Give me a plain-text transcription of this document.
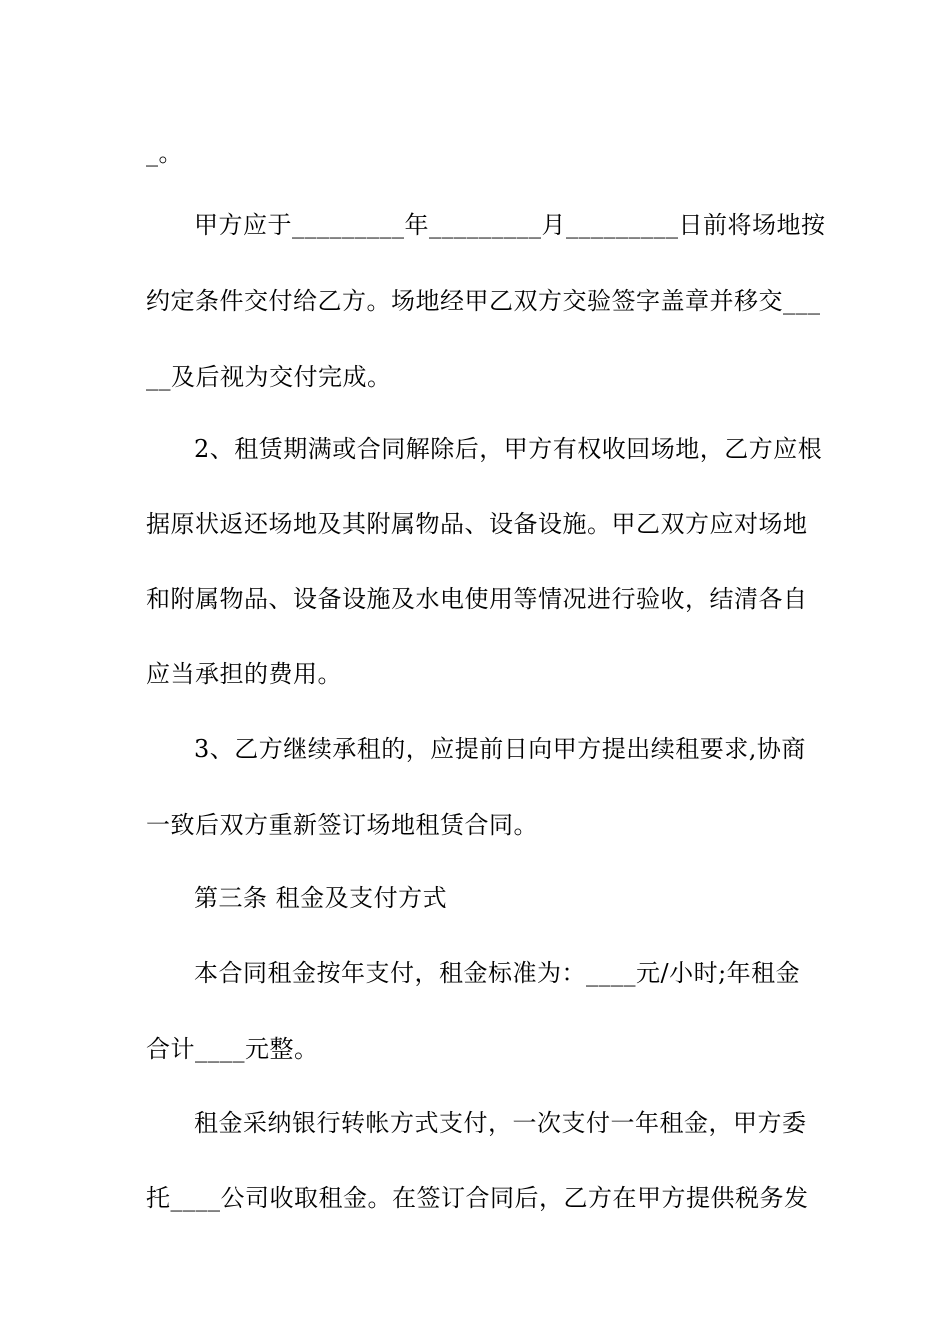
_。
甲方应于_________年_________月_________日前将场地按
约定条件交付给乙方。场地经甲乙双方交验签字盖章并移交___
__及后视为交付完成。
2、租赁期满或合同解除后，甲方有权收回场地，乙方应根
据原状返还场地及其附属物品、设备设施。甲乙双方应对场地
和附属物品、设备设施及水电使用等情况进行验收，结清各自
应当承担的费用。
3、乙方继续承租的，应提前日向甲方提出续租要求,协商
一致后双方重新签订场地租赁合同。
第三条 租金及支付方式
本合同租金按年支付，租金标准为：____元/小时;年租金
合计____元整。
租金采纳银行转帐方式支付，一次支付一年租金，甲方委
托____公司收取租金。在签订合同后，乙方在甲方提供税务发
